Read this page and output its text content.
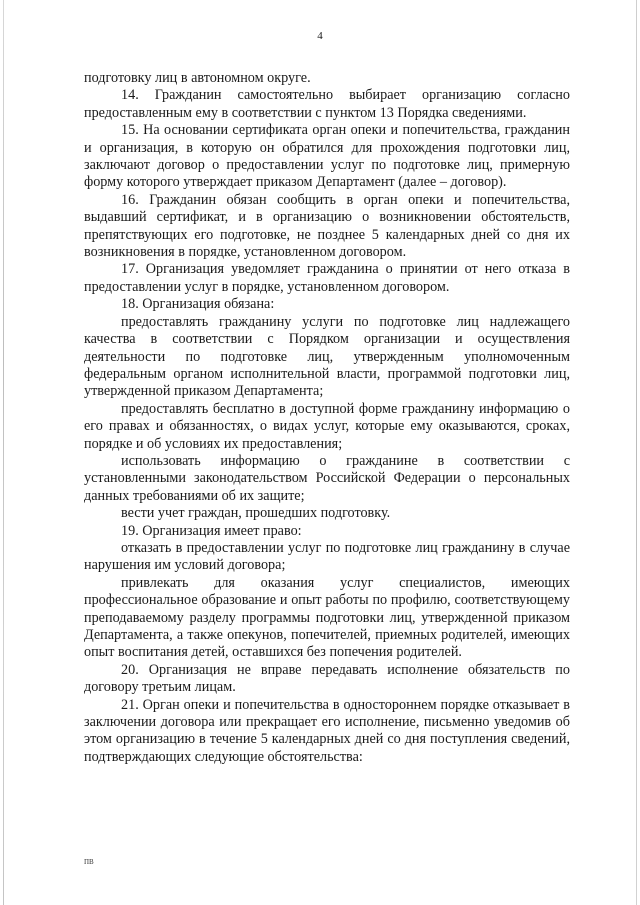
4

подготовку лиц в автономном округе.

14. Гражданин самостоятельно выбирает организацию согласно предоставленным ему в соответствии с пунктом 13 Порядка сведениями.

15. На основании сертификата орган опеки и попечительства, гражданин и организация, в которую он обратился для прохождения подготовки лиц, заключают договор о предоставлении услуг по подготовке лиц, примерную форму которого утверждает приказом Департамент (далее – договор).

16. Гражданин обязан сообщить в орган опеки и попечительства, выдавший сертификат, и в организацию о возникновении обстоятельств, препятствующих его подготовке, не позднее 5 календарных дней со дня их возникновения в порядке, установленном договором.

17. Организация уведомляет гражданина о принятии от него отказа в предоставлении услуг в порядке, установленном договором.

18. Организация обязана:

предоставлять гражданину услуги по подготовке лиц надлежащего качества в соответствии с Порядком организации и осуществления деятельности по подготовке лиц, утвержденным уполномоченным федеральным органом исполнительной власти, программой подготовки лиц, утвержденной приказом Департамента;

предоставлять бесплатно в доступной форме гражданину информацию о его правах и обязанностях, о видах услуг, которые ему оказываются, сроках, порядке и об условиях их предоставления;

использовать информацию о гражданине в соответствии с установленными законодательством Российской Федерации о персональных данных требованиями об их защите;

вести учет граждан, прошедших подготовку.

19. Организация имеет право:

отказать в предоставлении услуг по подготовке лиц гражданину в случае нарушения им условий договора;

привлекать для оказания услуг специалистов, имеющих профессиональное образование и опыт работы по профилю, соответствующему преподаваемому разделу программы подготовки лиц, утвержденной приказом Департамента, а также опекунов, попечителей, приемных родителей, имеющих опыт воспитания детей, оставшихся без попечения родителей.

20. Организация не вправе передавать исполнение обязательств по договору третьим лицам.

21. Орган опеки и попечительства в одностороннем порядке отказывает в заключении договора или прекращает его исполнение, письменно уведомив об этом организацию в течение 5 календарных дней со дня поступления сведений, подтверждающих следующие обстоятельства:

ПВ
